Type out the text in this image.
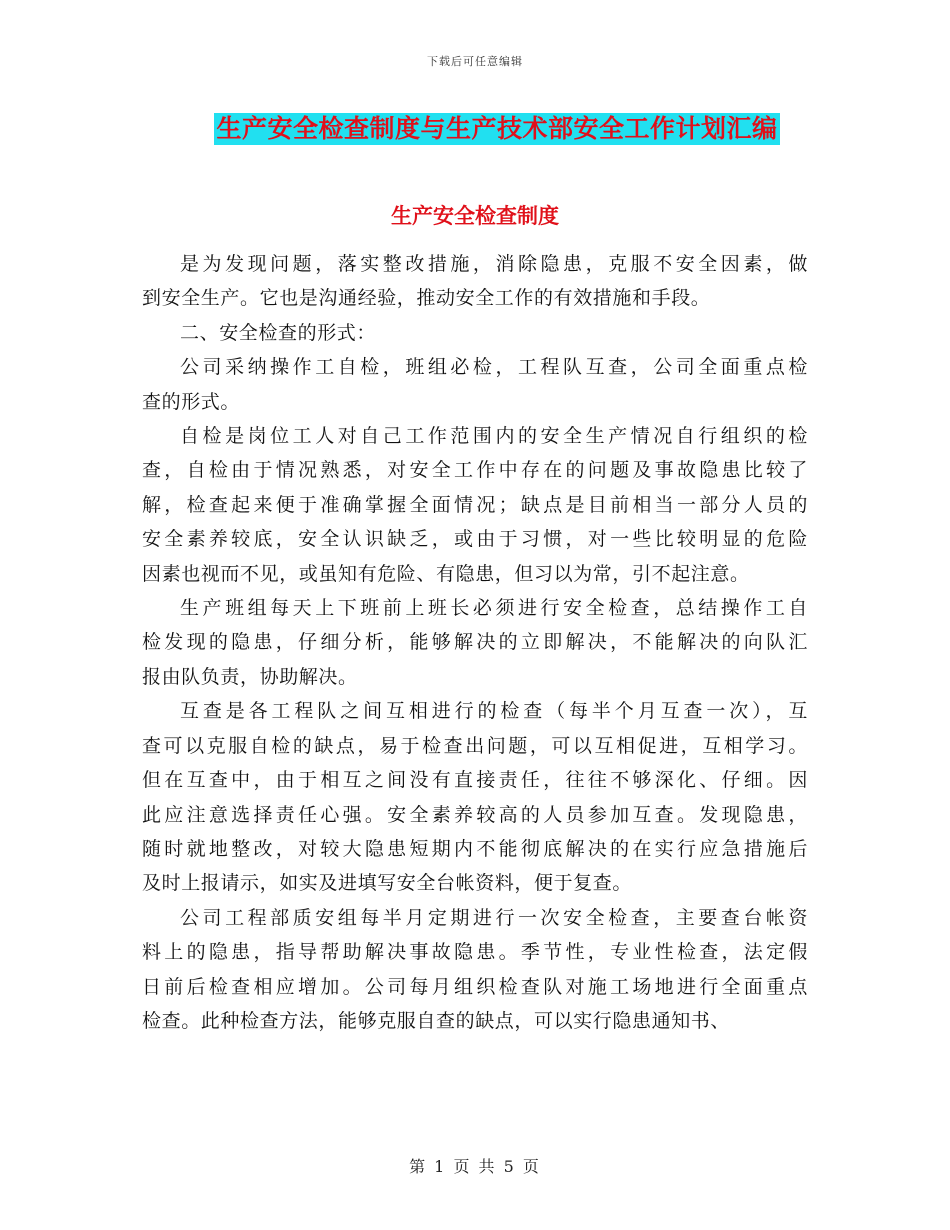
下载后可任意编辑
生产安全检查制度与生产技术部安全工作计划汇编
生产安全检查制度

是为发现问题，落实整改措施，消除隐患，克服不安全因素，做
到安全生产。它也是沟通经验，推动安全工作的有效措施和手段。

二、安全检查的形式：

公司采纳操作工自检，班组必检，工程队互查，公司全面重点检
查的形式。

自检是岗位工人对自己工作范围内的安全生产情况自行组织的检
查，自检由于情况熟悉，对安全工作中存在的问题及事故隐患比较了
解，检查起来便于准确掌握全面情况；缺点是目前相当一部分人员的
安全素养较底，安全认识缺乏，或由于习惯，对一些比较明显的危险
因素也视而不见，或虽知有危险、有隐患，但习以为常，引不起注意。

生产班组每天上下班前上班长必须进行安全检查，总结操作工自
检发现的隐患，仔细分析，能够解决的立即解决，不能解决的向队汇
报由队负责，协助解决。

互查是各工程队之间互相进行的检查（每半个月互查一次），互
查可以克服自检的缺点，易于检查出问题，可以互相促进，互相学习。
但在互查中，由于相互之间没有直接责任，往往不够深化、仔细。因
此应注意选择责任心强。安全素养较高的人员参加互查。发现隐患，
随时就地整改，对较大隐患短期内不能彻底解决的在实行应急措施后
及时上报请示，如实及进填写安全台帐资料，便于复查。

公司工程部质安组每半月定期进行一次安全检查，主要查台帐资
料上的隐患，指导帮助解决事故隐患。季节性，专业性检查，法定假
日前后检查相应增加。公司每月组织检查队对施工场地进行全面重点
检查。此种检查方法，能够克服自查的缺点，可以实行隐患通知书、

第 1 页 共 5 页
